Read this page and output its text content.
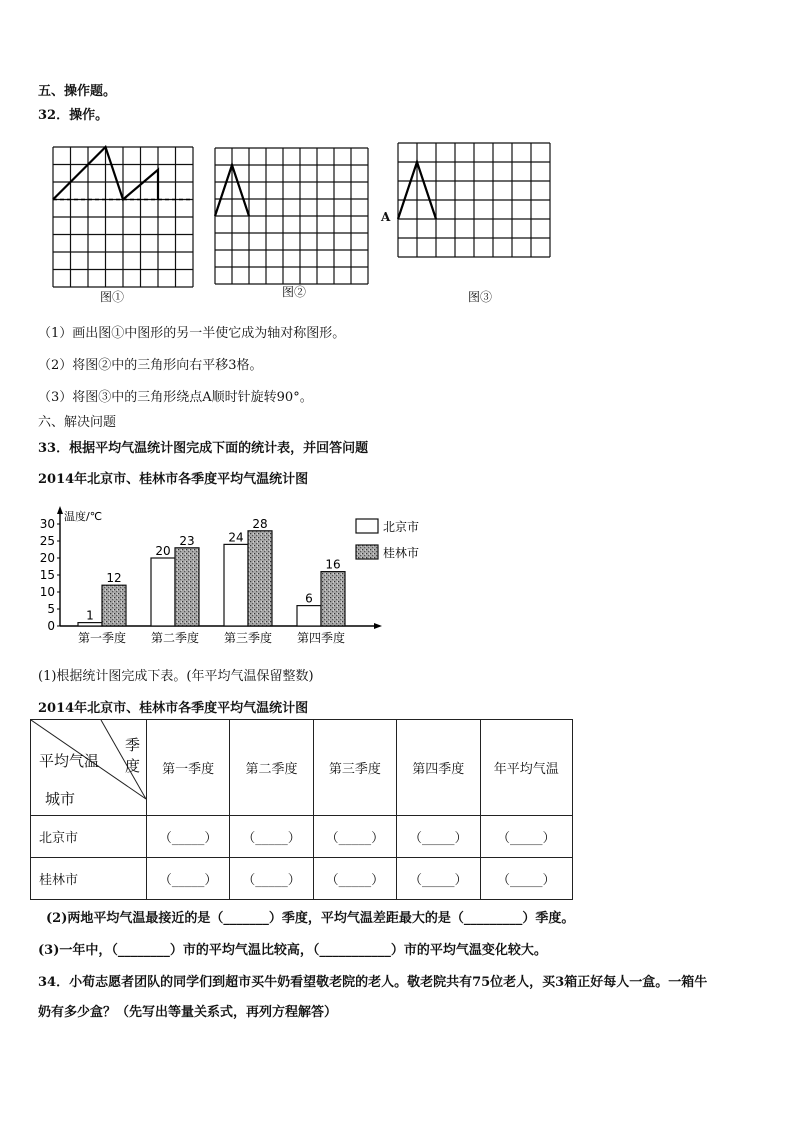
五、操作题。
32．操作。
图①	图②	图③
A
（1）画出图①中图形的另一半使它成为轴对称图形。
（2）将图②中的三角形向右平移3格。
（3）将图③中的三角形绕点A顺时针旋转90°。
六、解决问题
33．根据平均气温统计图完成下面的统计表，并回答问题
2014年北京市、桂林市各季度平均气温统计图
温度/℃
0
5
10
15
20
25
30
第一季度
1
12
第二季度
20
23
第三季度
24
28
第四季度
6
16
北京市
桂林市
(1)根据统计图完成下表。(年平均气温保留整数)
2014年北京市、桂林市各季度平均气温统计图
季度
平均气温
城市	第一季度	第二季度	第三季度	第四季度	年平均气温
北京市	（_____）	（_____）	（_____）	（_____）	（_____）
桂林市	（_____）	（_____）	（_____）	（_____）	（_____）
(2)两地平均气温最接近的是（_______）季度，平均气温差距最大的是（_________）季度。
(3)一年中，（________）市的平均气温比较高，（___________）市的平均气温变化较大。
34．小荀志愿者团队的同学们到超市买牛奶看望敬老院的老人。敬老院共有75位老人，买3箱正好每人一盒。一箱牛
奶有多少盒？（先写出等量关系式，再列方程解答）
